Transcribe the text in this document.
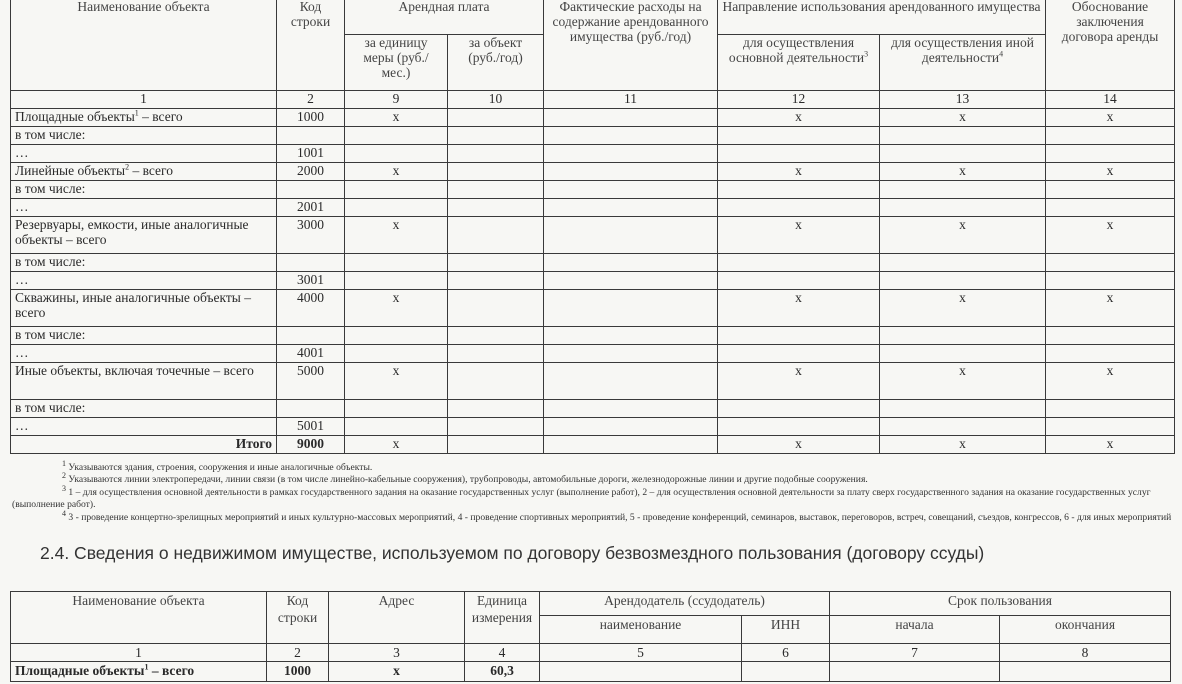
Наименование объекта	Код строки	Арендная плата		Фактические расходы на содержание арендованного имущества (руб./год)	Направление использования арендованного имущества		Обоснование заключения договора аренды
		за единицу меры (руб./мес.)	за объект (руб./год)		для осуществления основной деятельности$^3$	для осуществления иной деятельности$^4$
1	2	9	10	11	12	13	14
Площадные объекты$^1$ – всего	1000	x			x	x	x
в том числе:							
…	1001						
Линейные объекты$^2$ – всего	2000	x			x	x	x
в том числе:							
…	2001						
Резервуары, емкости, иные аналогичные объекты – всего	3000	x			x	x	x
в том числе:							
…	3001						
Скважины, иные аналогичные объекты – всего	4000	x			x	x	x
в том числе:							
…	4001						
Иные объекты, включая точечные – всего	5000	x			x	x	x
в том числе:							
…	5001						
Итого	9000	x			x	x	x

$^1$ Указываются здания, строения, сооружения и иные аналогичные объекты.

$^2$ Указываются линии электропередачи, линии связи (в том числе линейно-кабельные сооружения), трубопроводы, автомобильные дороги, железнодорожные линии и другие подобные сооружения.

$^3$ 1 – для осуществления основной деятельности в рамках государственного задания на оказание государственных услуг (выполнение работ), 2 – для осуществления основной деятельности за плату сверх государственного задания на оказание государственных услуг (выполнение работ).

$^4$ 3 - проведение концертно-зрелищных мероприятий и иных культурно-массовых мероприятий, 4 - проведение спортивных мероприятий, 5 - проведение конференций, семинаров, выставок, переговоров, встреч, совещаний, съездов, конгрессов, 6 - для иных мероприятий

2.4. Сведения о недвижимом имуществе, используемом по договору безвозмездного пользования (договору ссуды)
Наименование объекта	Код строки	Адрес	Единица измерения	Арендодатель (ссудодатель)		Срок пользования	
				наименование	ИНН	начала	окончания
1	2	3	4	5	6	7	8
Площадные объекты$^1$ – всего	1000	x	60,3				
